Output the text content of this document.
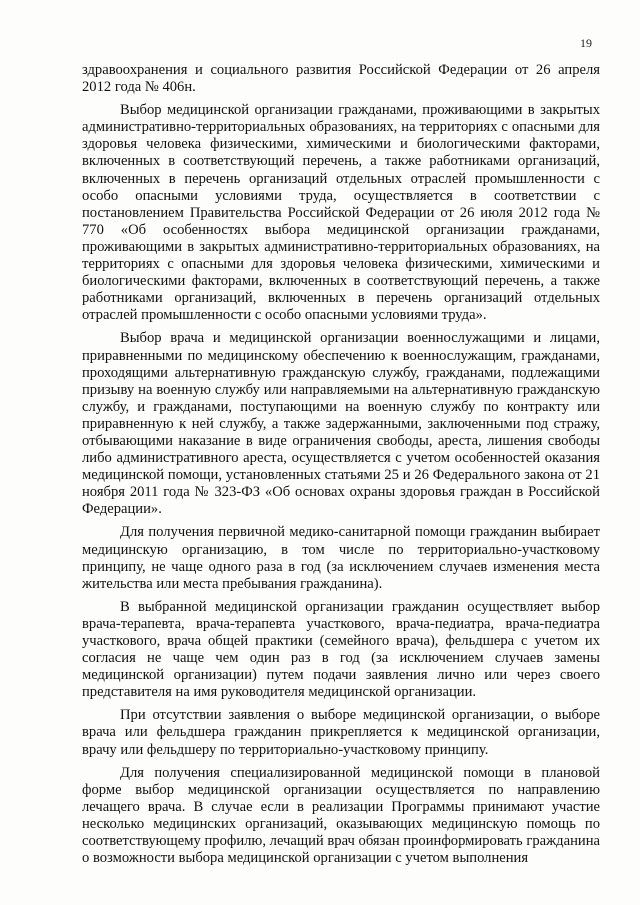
19

здравоохранения и социального развития Российской Федерации от 26 апреля 2012 года № 406н.

Выбор медицинской организации гражданами, проживающими в закрытых административно-территориальных образованиях, на территориях с опасными для здоровья человека физическими, химическими и биологическими факторами, включенных в соответствующий перечень, а также работниками организаций, включенных в перечень организаций отдельных отраслей промышленности с особо опасными условиями труда, осуществляется в соответствии с постановлением Правительства Российской Федерации от 26 июля 2012 года № 770 «Об особенностях выбора медицинской организации гражданами, проживающими в закрытых административно-территориальных образованиях, на территориях с опасными для здоровья человека физическими, химическими и биологическими факторами, включенных в соответствующий перечень, а также работниками организаций, включенных в перечень организаций отдельных отраслей промышленности с особо опасными условиями труда».

Выбор врача и медицинской организации военнослужащими и лицами, приравненными по медицинскому обеспечению к военнослужащим, гражданами, проходящими альтернативную гражданскую службу, гражданами, подлежащими призыву на военную службу или направляемыми на альтернативную гражданскую службу, и гражданами, поступающими на военную службу по контракту или приравненную к ней службу, а также задержанными, заключенными под стражу, отбывающими наказание в виде ограничения свободы, ареста, лишения свободы либо административного ареста, осуществляется с учетом особенностей оказания медицинской помощи, установленных статьями 25 и 26 Федерального закона от 21 ноября 2011 года № 323-ФЗ «Об основах охраны здоровья граждан в Российской Федерации».

Для получения первичной медико-санитарной помощи гражданин выбирает медицинскую организацию, в том числе по территориально-участковому принципу, не чаще одного раза в год (за исключением случаев изменения места жительства или места пребывания гражданина).

В выбранной медицинской организации гражданин осуществляет выбор врача-терапевта, врача-терапевта участкового, врача-педиатра, врача-педиатра участкового, врача общей практики (семейного врача), фельдшера с учетом их согласия не чаще чем один раз в год (за исключением случаев замены медицинской организации) путем подачи заявления лично или через своего представителя на имя руководителя медицинской организации.

При отсутствии заявления о выборе медицинской организации, о выборе врача или фельдшера гражданин прикрепляется к медицинской организации, врачу или фельдшеру по территориально-участковому принципу.

Для получения специализированной медицинской помощи в плановой форме выбор медицинской организации осуществляется по направлению лечащего врача. В случае если в реализации Программы принимают участие несколько медицинских организаций, оказывающих медицинскую помощь по соответствующему профилю, лечащий врач обязан проинформировать гражданина о возможности выбора медицинской организации с учетом выполнения
